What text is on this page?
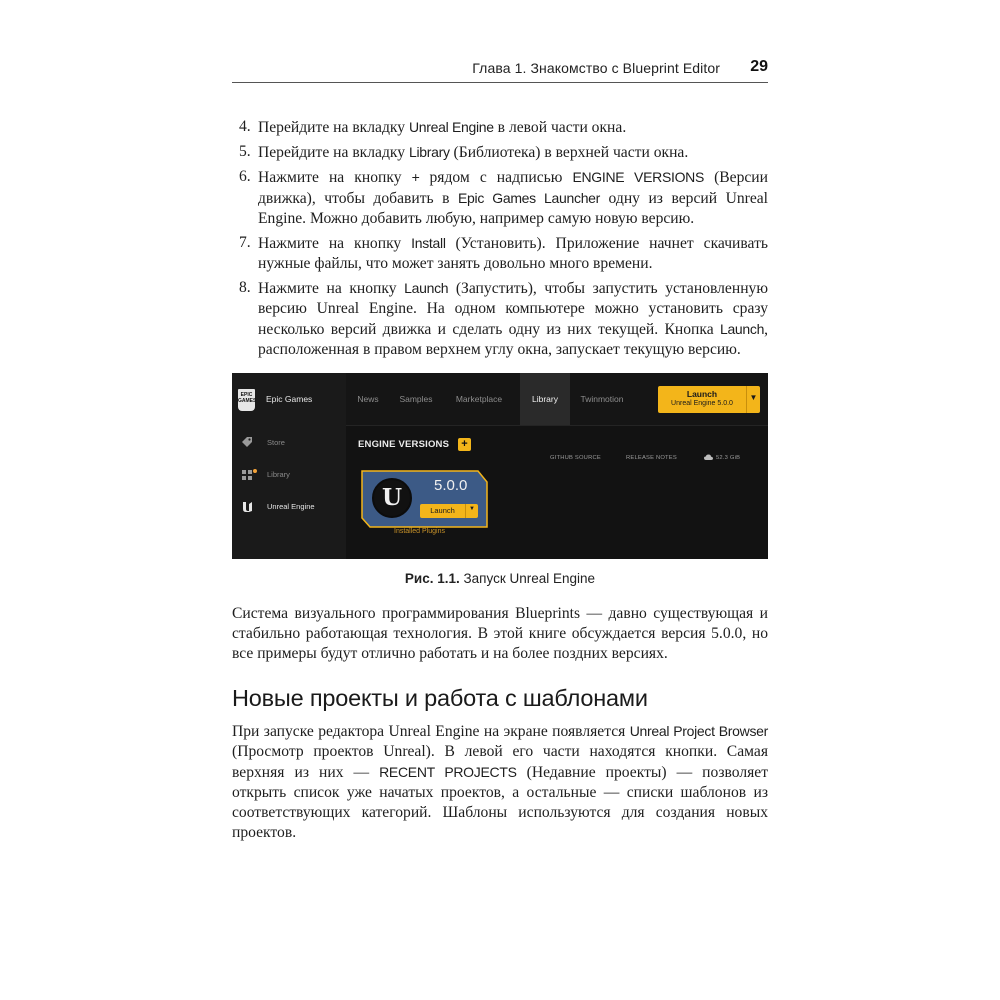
Глава 1. Знакомство с Blueprint Editor 29
4. Перейдите на вкладку Unreal Engine в левой части окна.
5. Перейдите на вкладку Library (Библиотека) в верхней части окна.
6. Нажмите на кнопку + рядом с надписью ENGINE VERSIONS (Версии движка), чтобы добавить в Epic Games Launcher одну из версий Unreal Engine. Можно добавить любую, например самую новую версию.
7. Нажмите на кнопку Install (Установить). Приложение начнет скачивать нужные файлы, что может занять довольно много времени.
8. Нажмите на кнопку Launch (Запустить), чтобы запустить установленную версию Unreal Engine. На одном компьютере можно установить сразу несколько версий движка и сделать одну из них текущей. Кнопка Launch, расположенная в правом верхнем углу окна, запускает текущую версию.
EPIC GAMES Epic Games
Store
Library
Unreal Engine
News	Samples	Marketplace	Library	Twinmotion	Launch
Unreal Engine 5.0.0
▼
ENGINE VERSIONS +
GITHUB SOURCE	RELEASE NOTES	52.3 GiB
U	5.0.0
Launch	▼
Installed Plugins
Рис. 1.1. Запуск Unreal Engine

Система визуального программирования Blueprints — давно существующая и стабильно работающая технология. В этой книге обсуждается версия 5.0.0, но все примеры будут отлично работать и на более поздних версиях.

Новые проекты и работа с шаблонами

При запуске редактора Unreal Engine на экране появляется Unreal Project Browser (Просмотр проектов Unreal). В левой его части находятся кнопки. Самая верхняя из них — RECENT PROJECTS (Недавние проекты) — позволяет открыть список уже начатых проектов, а остальные — списки шаблонов из соответствующих категорий. Шаблоны используются для создания новых проектов.
